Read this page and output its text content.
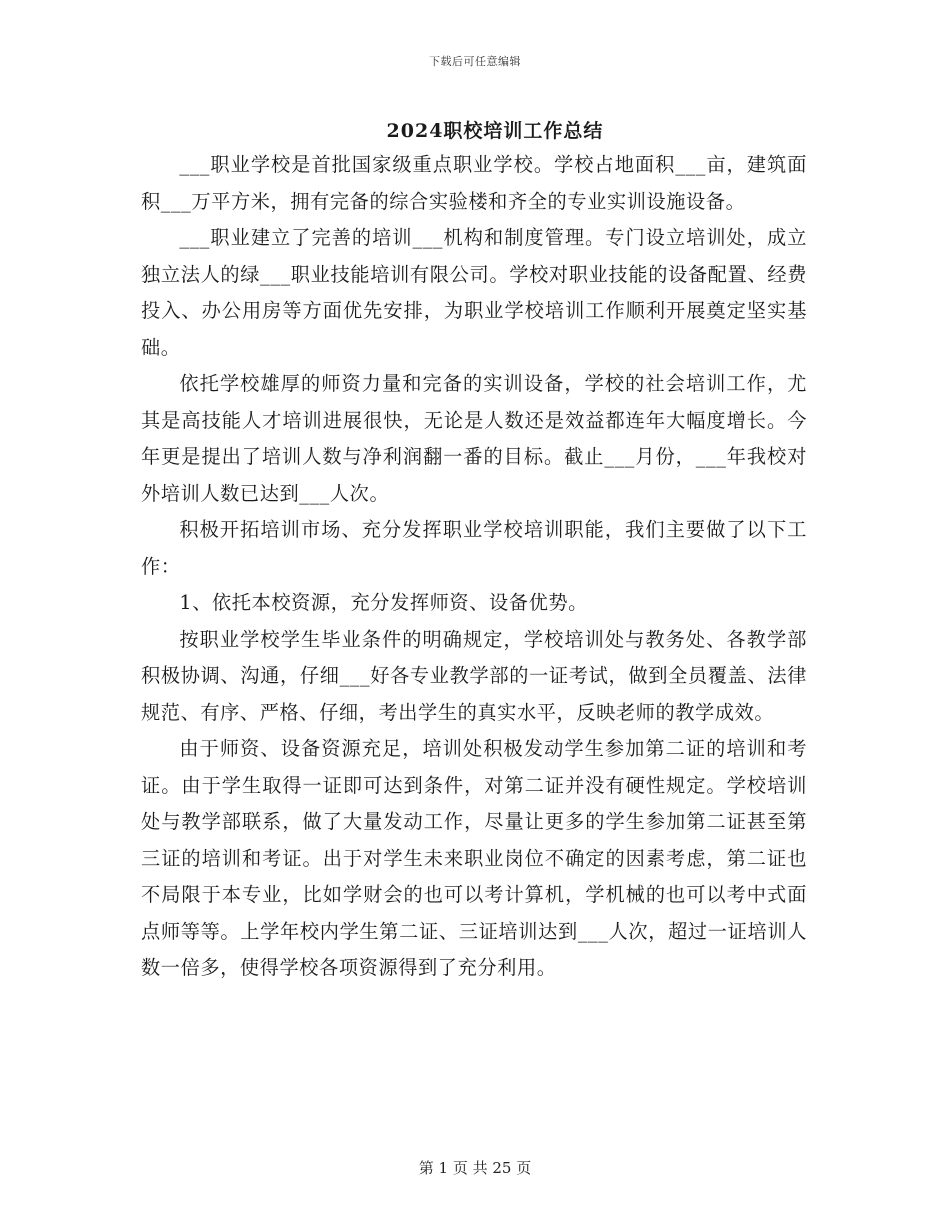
下载后可任意编辑
2024职校培训工作总结

___职业学校是首批国家级重点职业学校。学校占地面积___亩，建筑面积___万平方米，拥有完备的综合实验楼和齐全的专业实训设施设备。

___职业建立了完善的培训___机构和制度管理。专门设立培训处，成立独立法人的绿___职业技能培训有限公司。学校对职业技能的设备配置、经费投入、办公用房等方面优先安排，为职业学校培训工作顺利开展奠定坚实基础。

依托学校雄厚的师资力量和完备的实训设备，学校的社会培训工作，尤其是高技能人才培训进展很快，无论是人数还是效益都连年大幅度增长。今年更是提出了培训人数与净利润翻一番的目标。截止___月份，___年我校对外培训人数已达到___人次。

积极开拓培训市场、充分发挥职业学校培训职能，我们主要做了以下工作：

1、依托本校资源，充分发挥师资、设备优势。

按职业学校学生毕业条件的明确规定，学校培训处与教务处、各教学部积极协调、沟通，仔细___好各专业教学部的一证考试，做到全员覆盖、法律规范、有序、严格、仔细，考出学生的真实水平，反映老师的教学成效。

由于师资、设备资源充足，培训处积极发动学生参加第二证的培训和考证。由于学生取得一证即可达到条件，对第二证并没有硬性规定。学校培训处与教学部联系，做了大量发动工作，尽量让更多的学生参加第二证甚至第三证的培训和考证。出于对学生未来职业岗位不确定的因素考虑，第二证也不局限于本专业，比如学财会的也可以考计算机，学机械的也可以考中式面点师等等。上学年校内学生第二证、三证培训达到___人次，超过一证培训人数一倍多，使得学校各项资源得到了充分利用。

第 1 页 共 25 页
